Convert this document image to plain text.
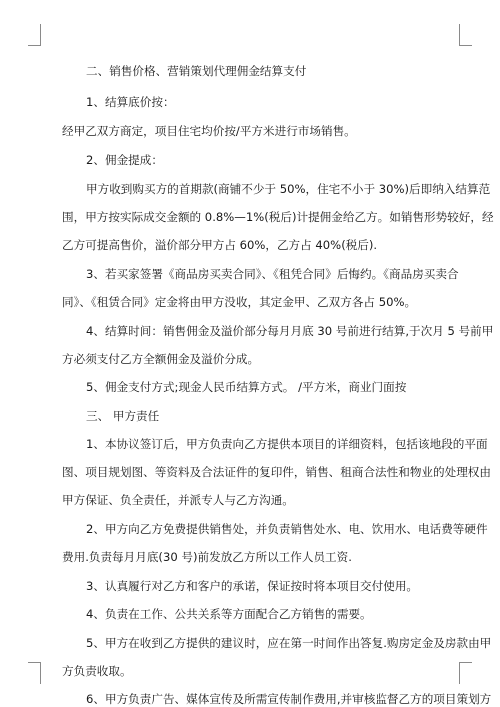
二、销售价格、营销策划代理佣金结算支付
1、结算底价按：
经甲乙双方商定，项目住宅均价按/平方米进行市场销售。
2、佣金提成：
甲方收到购买方的首期款(商铺不少于 50%，住宅不小于 30%)后即纳入结算范
围，甲方按实际成交金额的 0.8%—1%(税后)计提佣金给乙方。如销售形势较好，经
乙方可提高售价，溢价部分甲方占 60%，乙方占 40%(税后).
3、若买家签署《商品房买卖合同》、《租凭合同》后悔约。《商品房买卖合
同》、《租赁合同》定金将由甲方没收，其定金甲、乙双方各占 50%。
4、结算时间：销售佣金及溢价部分每月月底 30 号前进行结算,于次月 5 号前甲
方必须支付乙方全额佣金及溢价分成。
5、佣金支付方式;现金人民币结算方式。 /平方米，商业门面按
三、 甲方责任
1、本协议签订后，甲方负责向乙方提供本项目的详细资料，包括该地段的平面
图、项目规划图、等资料及合法证件的复印件，销售、租商合法性和物业的处理权由
甲方保证、负全责任，并派专人与乙方沟通。
2、甲方向乙方免费提供销售处，并负责销售处水、电、饮用水、电话费等硬件
费用.负责每月月底(30 号)前发放乙方所以工作人员工资.
3、认真履行对乙方和客户的承诺，保证按时将本项目交付使用。
4、负责在工作、公共关系等方面配合乙方销售的需要。
5、甲方在收到乙方提供的建议时，应在第一时间作出答复.购房定金及房款由甲
方负责收取。
6、甲方负责广告、媒体宣传及所需宣传制作费用,并审核监督乙方的项目策划方
